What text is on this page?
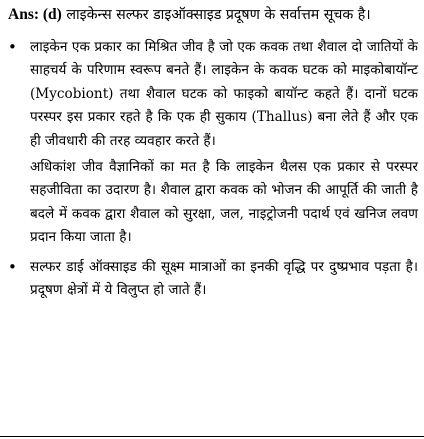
Ans: (d) लाइकेन्स सल्फर डाइऑक्साइड प्रदूषण के सर्वात्तम सूचक है।

• लाइकेन एक प्रकार का मिश्रित जीव है जो एक कवक तथा शैवाल दो जातियों के साहचर्य के परिणाम स्वरूप बनते हैं। लाइकेन के कवक घटक को माइकोबायॉन्ट (Mycobiont) तथा शैवाल घटक को फाइको बायॉन्ट कहते हैं। दानों घटक परस्पर इस प्रकार रहते है कि एक ही सुकाय (Thallus) बना लेते हैं और एक ही जीवधारी की तरह व्यवहार करते हैं।

अधिकांश जीव वैज्ञानिकों का मत है कि लाइकेन थैलस एक प्रकार से परस्पर सहजीविता का उदारण है। शैवाल द्वारा कवक को भोजन की आपूर्ति की जाती है बदले में कवक द्वारा शैवाल को सुरक्षा, जल, नाइट्रोजनी पदार्थ एवं खनिज लवण प्रदान किया जाता है।

• सल्फर डाई ऑक्साइड की सूक्ष्म मात्राओं का इनकी वृद्धि पर दुष्प्रभाव पड़ता है। प्रदूषण क्षेत्रों में ये विलुप्त हो जाते हैं।
